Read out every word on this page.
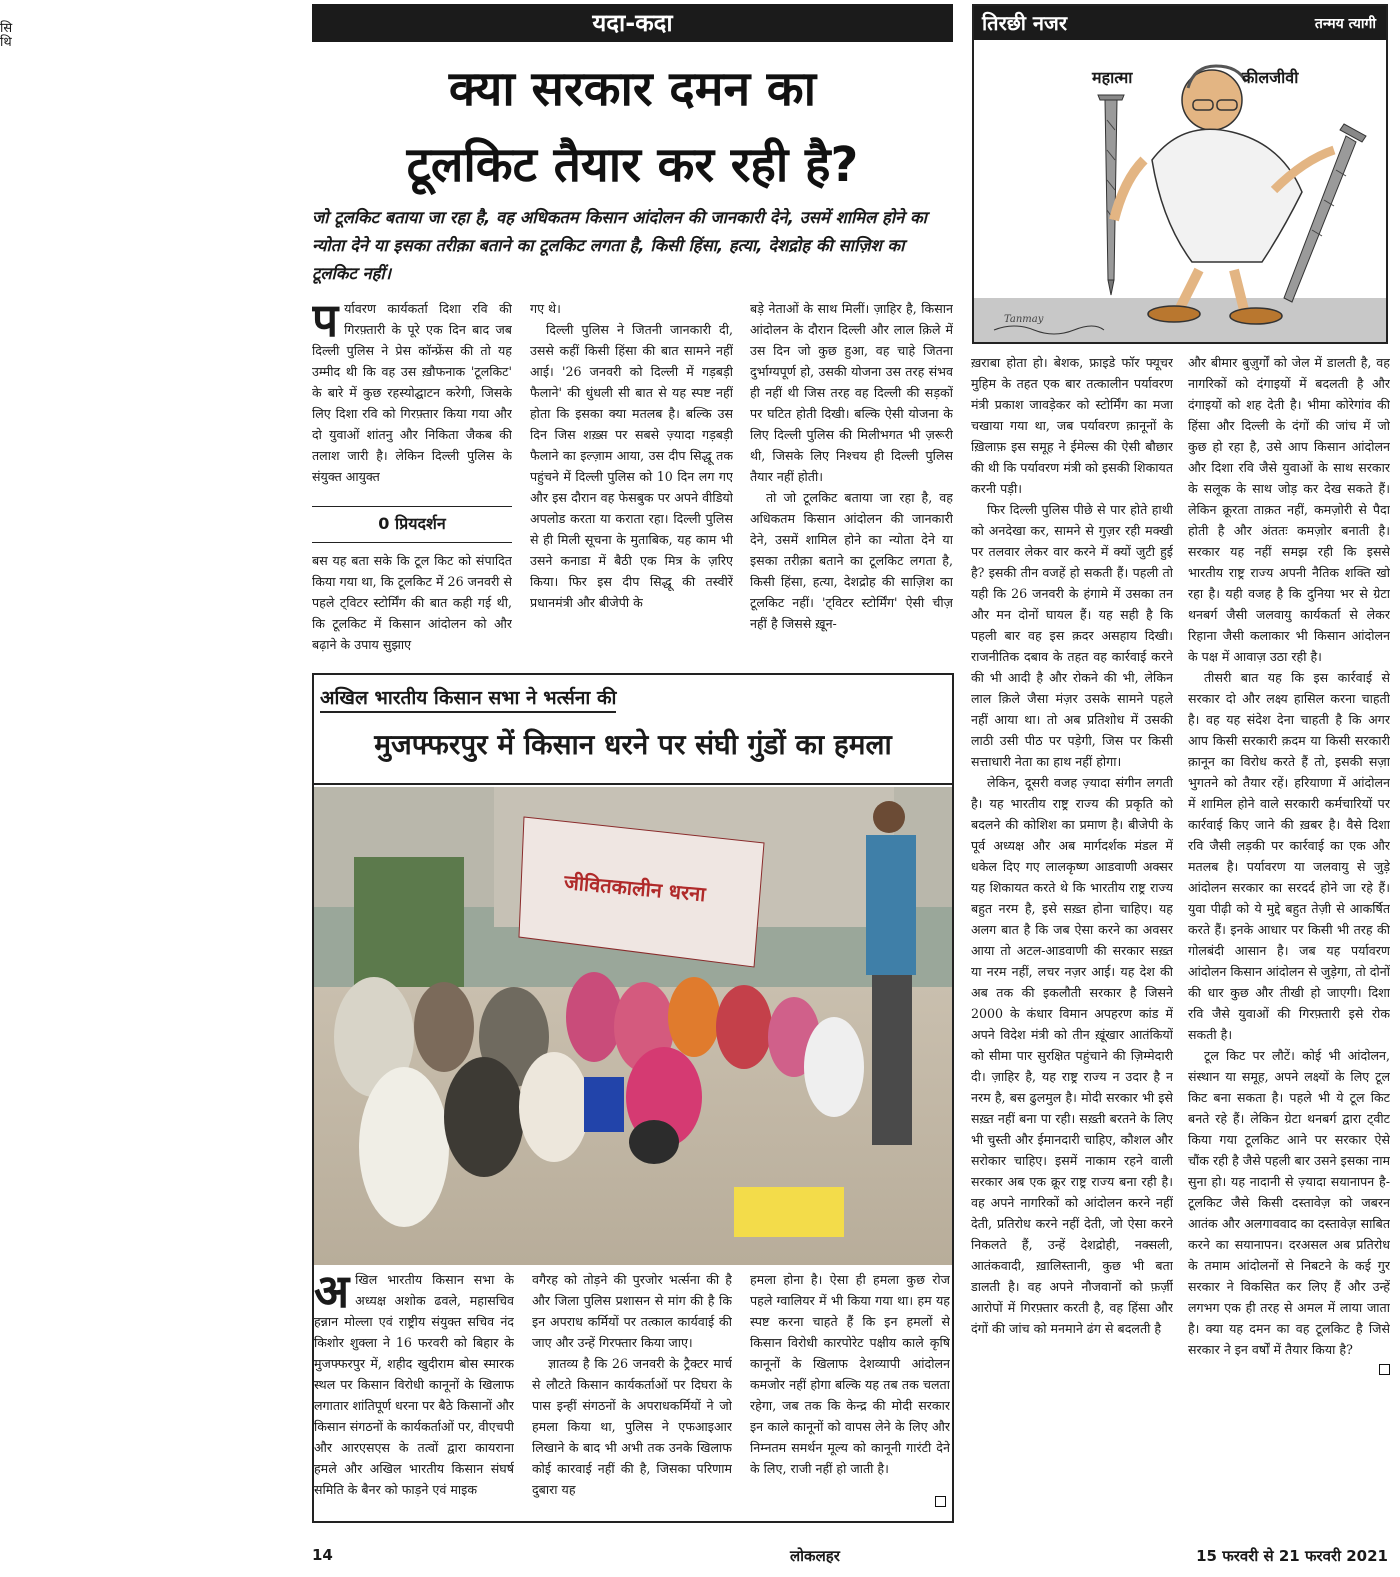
सि
थि
यदा-कदा
क्या सरकार दमन का
टूलकिट तैयार कर रही है?
जो टूलकिट बताया जा रहा है, वह अधिकतम किसान आंदोलन की जानकारी देने, उसमें शामिल होने का न्योता देने या इसका तरीक़ा बताने का टूलकिट लगता है, किसी हिंसा, हत्या, देशद्रोह की साज़िश का टूलकिट नहीं।

पर्यावरण कार्यकर्ता दिशा रवि की गिरफ़्तारी के पूरे एक दिन बाद जब दिल्ली पुलिस ने प्रेस कॉन्फ्रेंस की तो यह उम्मीद थी कि वह उस ख़ौफनाक 'टूलकिट' के बारे में कुछ रहस्योद्घाटन करेगी, जिसके लिए दिशा रवि को गिरफ़्तार किया गया और दो युवाओं शांतनु और निकिता जैकब की तलाश जारी है। लेकिन दिल्ली पुलिस के संयुक्त आयुक्त

0 प्रियदर्शन

बस यह बता सके कि टूल किट को संपादित किया गया था, कि टूलकिट में 26 जनवरी से पहले ट्विटर स्टोर्मिंग की बात कही गई थी, कि टूलकिट में किसान आंदोलन को और बढ़ाने के उपाय सुझाए

गए थे।

दिल्ली पुलिस ने जितनी जानकारी दी, उससे कहीं किसी हिंसा की बात सामने नहीं आई। '26 जनवरी को दिल्ली में गड़बड़ी फैलाने' की धुंधली सी बात से यह स्पष्ट नहीं होता कि इसका क्या मतलब है। बल्कि उस दिन जिस शख़्स पर सबसे ज़्यादा गड़बड़ी फैलाने का इल्ज़ाम आया, उस दीप सिद्धू तक पहुंचने में दिल्ली पुलिस को 10 दिन लग गए और इस दौरान वह फेसबुक पर अपने वीडियो अपलोड करता या कराता रहा। दिल्ली पुलिस से ही मिली सूचना के मुताबिक, यह काम भी उसने कनाडा में बैठी एक मित्र के ज़रिए किया। फिर इस दीप सिद्धू की तस्वीरें प्रधानमंत्री और बीजेपी के

बड़े नेताओं के साथ मिलीं। ज़ाहिर है, किसान आंदोलन के दौरान दिल्ली और लाल क़िले में उस दिन जो कुछ हुआ, वह चाहे जितना दुर्भाग्यपूर्ण हो, उसकी योजना उस तरह संभव ही नहीं थी जिस तरह वह दिल्ली की सड़कों पर घटित होती दिखी। बल्कि ऐसी योजना के लिए दिल्ली पुलिस की मिलीभगत भी ज़रूरी थी, जिसके लिए निश्चय ही दिल्ली पुलिस तैयार नहीं होती।

तो जो टूलकिट बताया जा रहा है, वह अधिकतम किसान आंदोलन की जानकारी देने, उसमें शामिल होने का न्योता देने या इसका तरीक़ा बताने का टूलकिट लगता है, किसी हिंसा, हत्या, देशद्रोह की साज़िश का टूलकिट नहीं। 'ट्विटर स्टोर्मिंग' ऐसी चीज़ नहीं है जिससे ख़ून-

तिरछी नजर	तन्मय त्यागी
महात्मा	कीलजीवी
Tanmay

ख़राबा होता हो। बेशक, फ्राइडे फॉर फ्यूचर मुहिम के तहत एक बार तत्कालीन पर्यावरण मंत्री प्रकाश जावड़ेकर को स्टोर्मिंग का मजा चखाया गया था, जब पर्यावरण क़ानूनों के ख़िलाफ़ इस समूह ने ईमेल्स की ऐसी बौछार की थी कि पर्यावरण मंत्री को इसकी शिकायत करनी पड़ी।

फिर दिल्ली पुलिस पीछे से पार होते हाथी को अनदेखा कर, सामने से गुज़र रही मक्खी पर तलवार लेकर वार करने में क्यों जुटी हुई है? इसकी तीन वजहें हो सकती हैं। पहली तो यही कि 26 जनवरी के हंगामे में उसका तन और मन दोनों घायल हैं। यह सही है कि पहली बार वह इस क़दर असहाय दिखी। राजनीतिक दबाव के तहत वह कार्रवाई करने की भी आदी है और रोकने की भी, लेकिन लाल क़िले जैसा मंज़र उसके सामने पहले नहीं आया था। तो अब प्रतिशोध में उसकी लाठी उसी पीठ पर पड़ेगी, जिस पर किसी सत्ताधारी नेता का हाथ नहीं होगा।

लेकिन, दूसरी वजह ज़्यादा संगीन लगती है। यह भारतीय राष्ट्र राज्य की प्रकृति को बदलने की कोशिश का प्रमाण है। बीजेपी के पूर्व अध्यक्ष और अब मार्गदर्शक मंडल में धकेल दिए गए लालकृष्ण आडवाणी अक्सर यह शिकायत करते थे कि भारतीय राष्ट्र राज्य बहुत नरम है, इसे सख़्त होना चाहिए। यह अलग बात है कि जब ऐसा करने का अवसर आया तो अटल-आडवाणी की सरकार सख़्त या नरम नहीं, लचर नज़र आई। यह देश की अब तक की इकलौती सरकार है जिसने 2000 के कंधार विमान अपहरण कांड में अपने विदेश मंत्री को तीन ख़ूंखार आतंकियों को सीमा पार सुरक्षित पहुंचाने की ज़िम्मेदारी दी। ज़ाहिर है, यह राष्ट्र राज्य न उदार है न नरम है, बस ढुलमुल है। मोदी सरकार भी इसे सख़्त नहीं बना पा रही। सख़्ती बरतने के लिए भी चुस्ती और ईमानदारी चाहिए, कौशल और सरोकार चाहिए। इसमें नाकाम रहने वाली सरकार अब एक क्रूर राष्ट्र राज्य बना रही है। वह अपने नागरिकों को आंदोलन करने नहीं देती, प्रतिरोध करने नहीं देती, जो ऐसा करने निकलते हैं, उन्हें देशद्रोही, नक्सली, आतंकवादी, ख़ालिस्तानी, कुछ भी बता डालती है। वह अपने नौजवानों को फ़र्ज़ी आरोपों में गिरफ़्तार करती है, वह हिंसा और दंगों की जांच को मनमाने ढंग से बदलती है

और बीमार बुज़ुर्गों को जेल में डालती है, वह नागरिकों को दंगाइयों में बदलती है और दंगाइयों को शह देती है। भीमा कोरेगांव की हिंसा और दिल्ली के दंगों की जांच में जो कुछ हो रहा है, उसे आप किसान आंदोलन और दिशा रवि जैसे युवाओं के साथ सरकार के सलूक के साथ जोड़ कर देख सकते हैं। लेकिन क्रूरता ताक़त नहीं, कमज़ोरी से पैदा होती है और अंततः कमज़ोर बनाती है। सरकार यह नहीं समझ रही कि इससे भारतीय राष्ट्र राज्य अपनी नैतिक शक्ति खो रहा है। यही वजह है कि दुनिया भर से ग्रेटा थनबर्ग जैसी जलवायु कार्यकर्ता से लेकर रिहाना जैसी कलाकार भी किसान आंदोलन के पक्ष में आवाज़ उठा रही है।

तीसरी बात यह कि इस कार्रवाई से सरकार दो और लक्ष्य हासिल करना चाहती है। वह यह संदेश देना चाहती है कि अगर आप किसी सरकारी क़दम या किसी सरकारी क़ानून का विरोध करते हैं तो, इसकी सज़ा भुगतने को तैयार रहें। हरियाणा में आंदोलन में शामिल होने वाले सरकारी कर्मचारियों पर कार्रवाई किए जाने की ख़बर है। वैसे दिशा रवि जैसी लड़की पर कार्रवाई का एक और मतलब है। पर्यावरण या जलवायु से जुड़े आंदोलन सरकार का सरदर्द होने जा रहे हैं। युवा पीढ़ी को ये मुद्दे बहुत तेज़ी से आकर्षित करते हैं। इनके आधार पर किसी भी तरह की गोलबंदी आसान है। जब यह पर्यावरण आंदोलन किसान आंदोलन से जुड़ेगा, तो दोनों की धार कुछ और तीखी हो जाएगी। दिशा रवि जैसे युवाओं की गिरफ़्तारी इसे रोक सकती है।

टूल किट पर लौटें। कोई भी आंदोलन, संस्थान या समूह, अपने लक्ष्यों के लिए टूल किट बना सकता है। पहले भी ये टूल किट बनते रहे हैं। लेकिन ग्रेटा थनबर्ग द्वारा ट्वीट किया गया टूलकिट आने पर सरकार ऐसे चौंक रही है जैसे पहली बार उसने इसका नाम सुना हो। यह नादानी से ज़्यादा सयानापन है- टूलकिट जैसे किसी दस्तावेज़ को जबरन आतंक और अलगाववाद का दस्तावेज़ साबित करने का सयानापन। दरअसल अब प्रतिरोध के तमाम आंदोलनों से निबटने के कई गुर सरकार ने विकसित कर लिए हैं और उन्हें लगभग एक ही तरह से अमल में लाया जाता है। क्या यह दमन का वह टूलकिट है जिसे सरकार ने इन वर्षों में तैयार किया है?

अखिल भारतीय किसान सभा ने भर्त्सना की
मुजफ्फरपुर में किसान धरने पर संघी गुंडों का हमला
जीवितकालीन धरना

अखिल भारतीय किसान सभा के अध्यक्ष अशोक ढवले, महासचिव हन्नान मोल्ला एवं राष्ट्रीय संयुक्त सचिव नंद किशोर शुक्ला ने 16 फरवरी को बिहार के मुजफ्फरपुर में, शहीद खुदीराम बोस स्मारक स्थल पर किसान विरोधी कानूनों के खिलाफ लगातार शांतिपूर्ण धरना पर बैठे किसानों और किसान संगठनों के कार्यकर्ताओं पर, वीएचपी और आरएसएस के तत्वों द्वारा कायराना हमले और अखिल भारतीय किसान संघर्ष समिति के बैनर को फाड़ने एवं माइक

वगैरह को तोड़ने की पुरजोर भर्त्सना की है और जिला पुलिस प्रशासन से मांग की है कि इन अपराध कर्मियों पर तत्काल कार्यवाई की जाए और उन्हें गिरफ्तार किया जाए।

ज्ञातव्य है कि 26 जनवरी के ट्रैक्टर मार्च से लौटते किसान कार्यकर्ताओं पर दिघरा के पास इन्हीं संगठनों के अपराधकर्मियों ने जो हमला किया था, पुलिस ने एफआइआर लिखाने के बाद भी अभी तक उनके खिलाफ कोई कारवाई नहीं की है, जिसका परिणाम दुबारा यह

हमला होना है। ऐसा ही हमला कुछ रोज पहले ग्वालियर में भी किया गया था। हम यह स्पष्ट करना चाहते हैं कि इन हमलों से किसान विरोधी कारपोरेट पक्षीय काले कृषि कानूनों के खिलाफ देशव्यापी आंदोलन कमजोर नहीं होगा बल्कि यह तब तक चलता रहेगा, जब तक कि केन्द्र की मोदी सरकार इन काले कानूनों को वापस लेने के लिए और निम्नतम समर्थन मूल्य को कानूनी गारंटी देने के लिए, राजी नहीं हो जाती है।

14	लोकलहर	15 फरवरी से 21 फरवरी 2021
